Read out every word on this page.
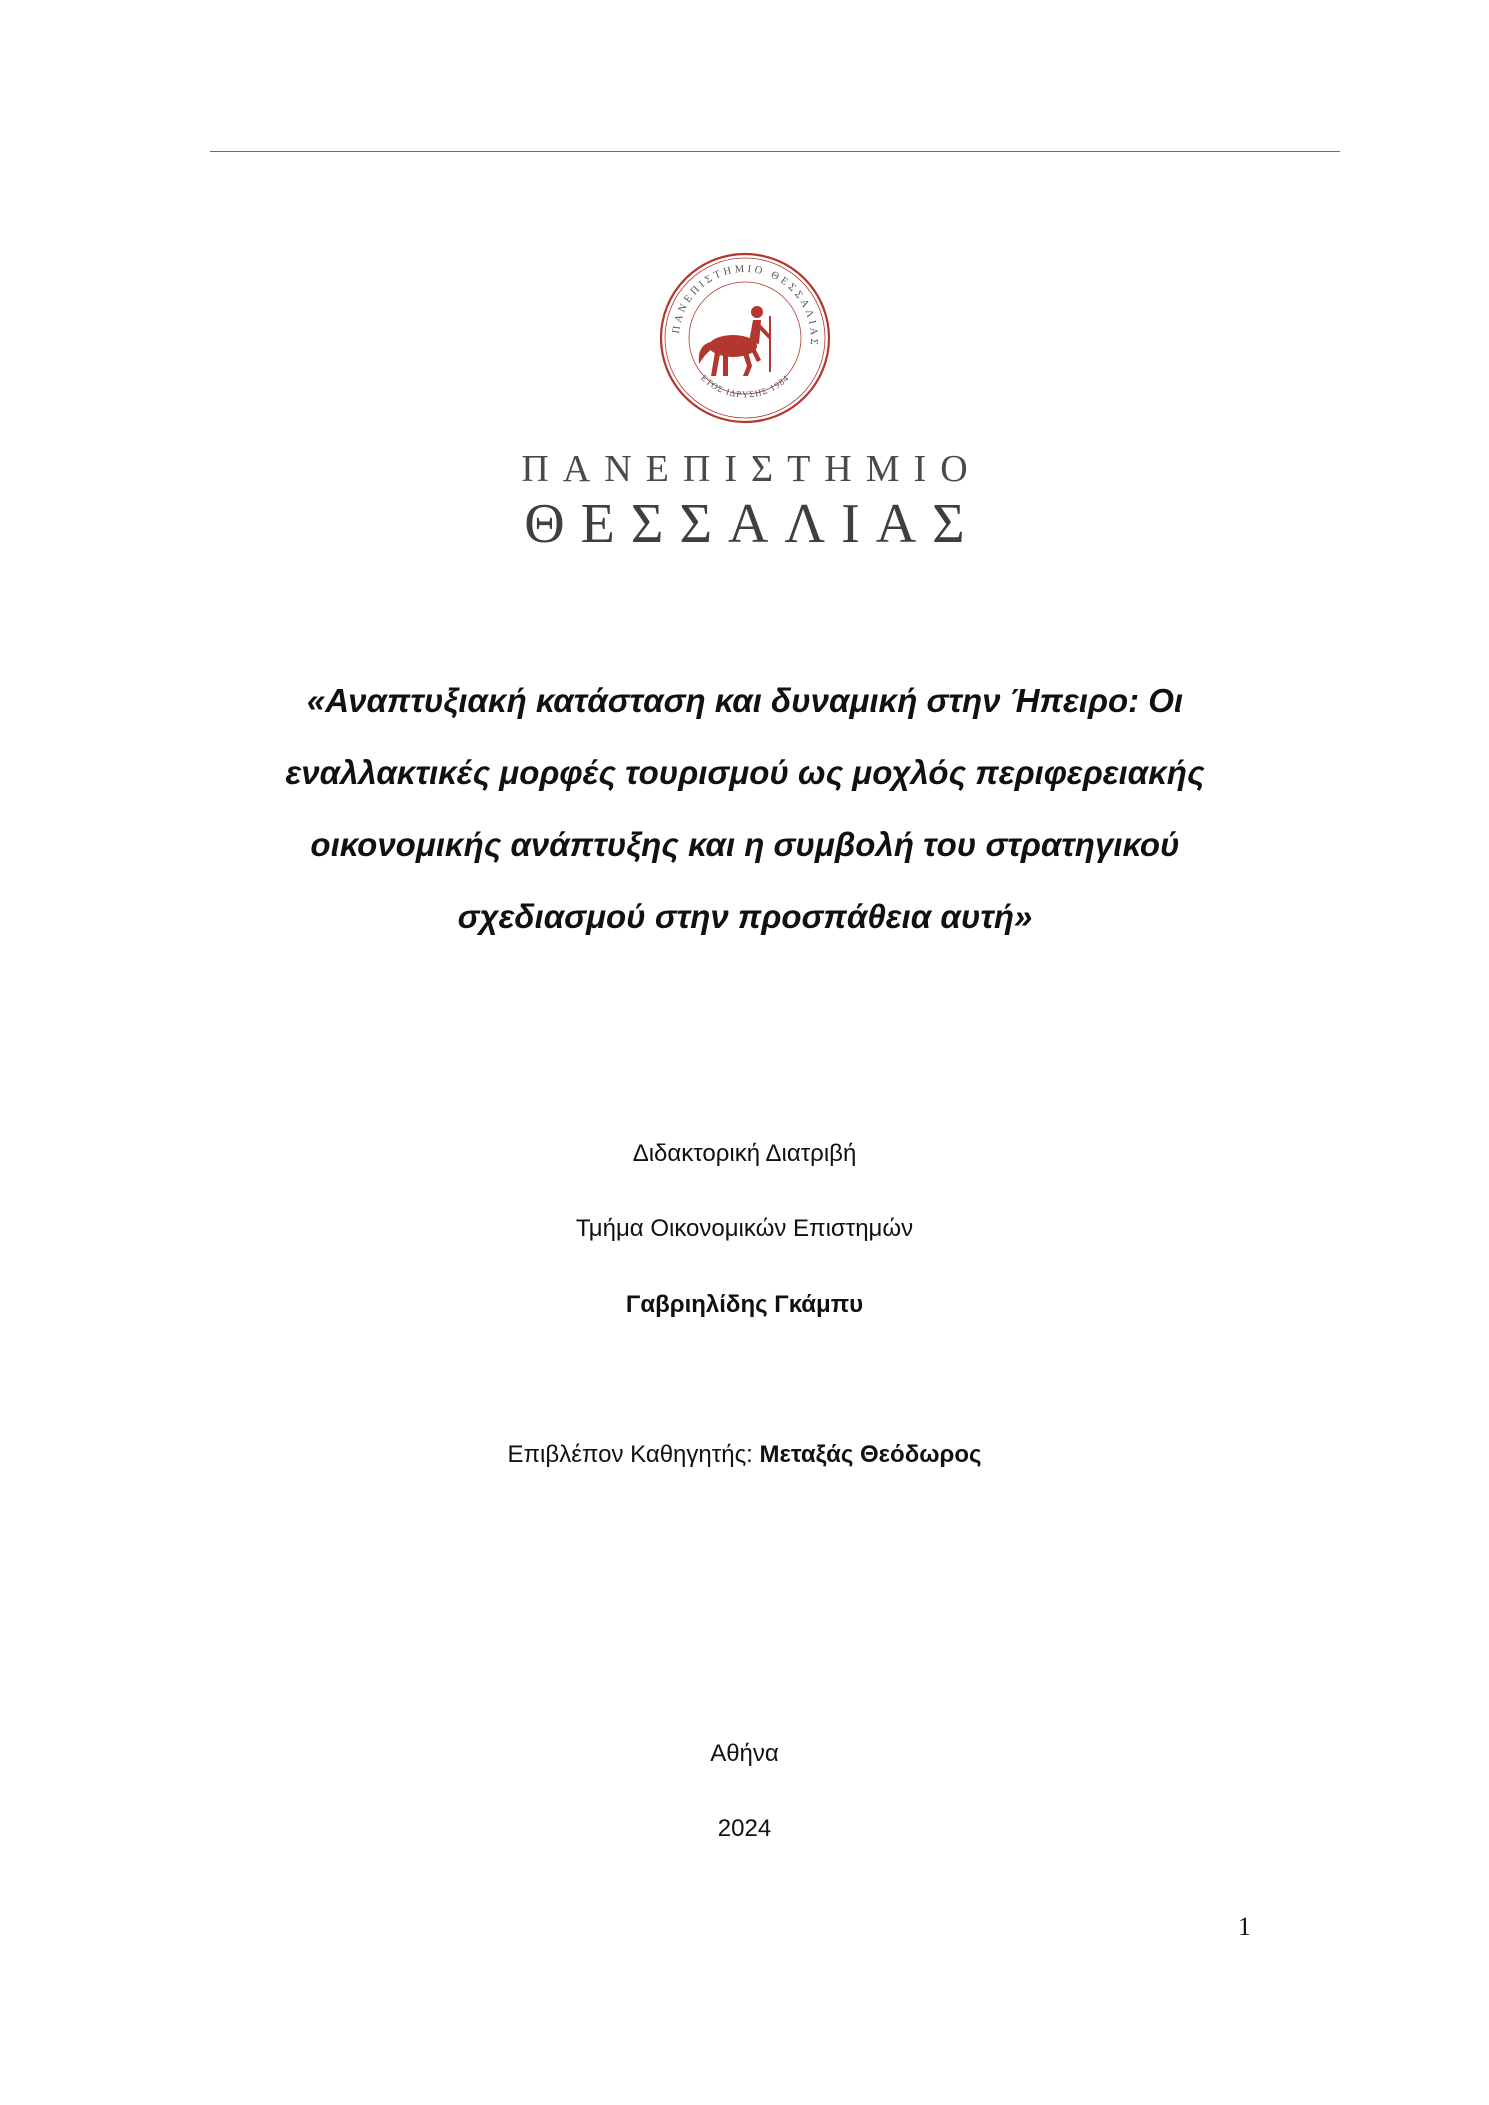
ΠΑΝΕΠΙΣΤΗΜΙΟ ΘΕΣΣΑΛΙΑΣ
ΕΤΟΣ ΙΔΡΥΣΗΣ 1984
ΠΑΝΕΠΙΣΤΗΜΙΟ
ΘΕΣΣΑΛΙΑΣ
«Αναπτυξιακή κατάσταση και δυναμική στην Ήπειρο: Οι
εναλλακτικές μορφές τουρισμού ως μοχλός περιφερειακής
οικονομικής ανάπτυξης και η συμβολή του στρατηγικού
σχεδιασμού στην προσπάθεια αυτή»
Διδακτορική Διατριβή
Τμήμα Οικονομικών Επιστημών
Γαβριηλίδης Γκάμπυ
Επιβλέπον Καθηγητής: Μεταξάς Θεόδωρος
Αθήνα
2024
1
